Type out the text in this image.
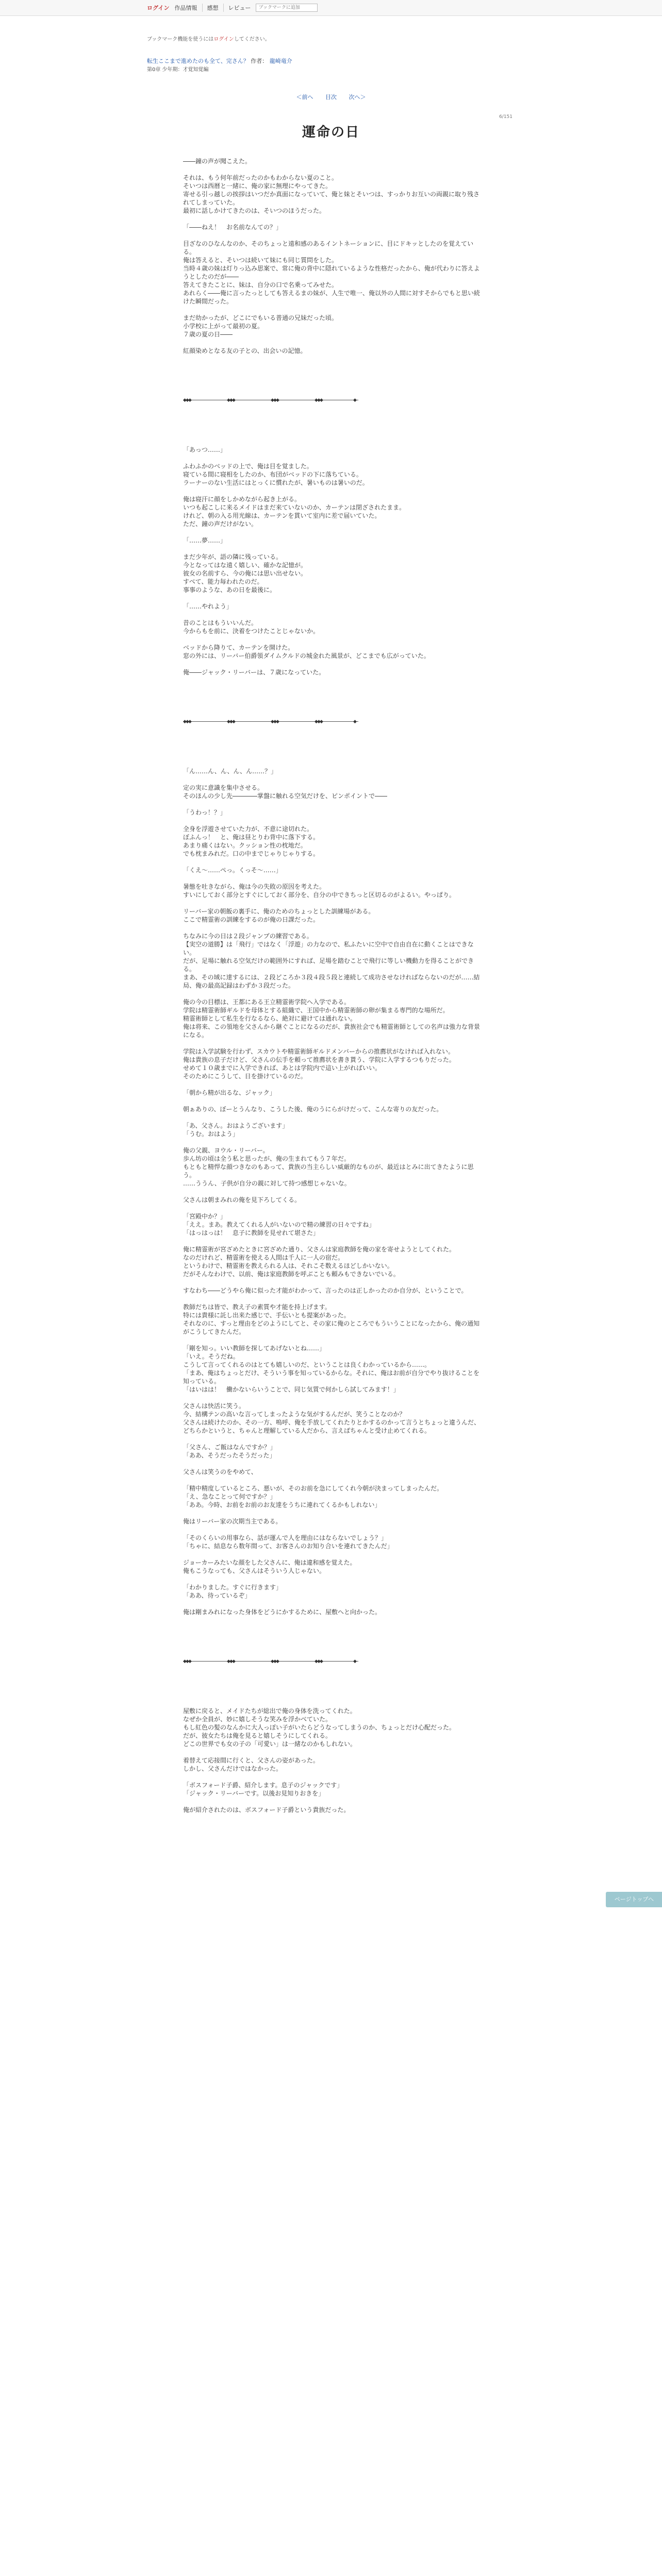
ログイン 作品情報	感想	レビュー
ブックマークに追加
ブックマーク機能を使うにはログインしてください。
転生ここまで進めたのも全て、完さん？ 作者： 龍崎竜介
第0章 少年期：才覚知覚編
＜前へ 目次 次へ＞
6/151
運命の日

――鐘の声が聞こえた。

それは、もう何年前だったのかもわからない夏のこと。

そいつは西暦と一緒に、俺の家に無理にやってきた。

寄せる引っ越しの挨拶はいつだか真面になっていて、俺と妹とそいつは、すっかりお互いの両親に取り残されてしまっていた。

最初に話しかけてきたのは、そいつのほうだった。

「――ねえ！　お名前なんての？」

目ざなのひなんなのか、そのちょっと遠和感のあるイントネーションに、目にドキッとしたのを覚えている。

俺は答えると、そいつは続いて妹にも同じ質問をした。

当時４歳の妹は灯りっ込み思案で、常に俺の背中に隠れているような性格だったから、俺が代わりに答えようとしたのだが――

答えてきたことに、妹は、自分の口で名乗ってみせた。

あれらく――俺に言ったっとしても答えるまの妹が、人生で唯一、俺以外の人間に対すそからでもと思い続けた瞬間だった。

まだ幼かったが、どこにでもいる普通の兄妹だった頃。

小学校に上がって最初の夏。

７歳の夏の日――

紅顔染めとなる友の子との、出会いの記憶。

◆
◆
◆	◆
◆
◆	◆
◆
◆	◆
◆
◆	◆

「あっつ……」

ふわふかのベッドの上で、俺は目を覚ました。

寝ている間に寝相をしたのか、布団がベッドの下に落ちている。

ラーナーのない生活にはとっくに慣れたが、暑いものは暑いのだ。

俺は寝汗に顔をしかめながら起き上がる。

いつも起こしに来るメイドはまだ来ていないのか、カーテンは閉ざされたまま。

けれど、朝の入る用光線は、カーテンを貫いて室内に差で届いていた。

ただ、鐘の声だけがない。

「……夢……」

まだ少年が、語の隣に残っている。

今となってはな遠く嬉しい、確かな記憶が。

彼女の名前すら、今の俺には思い出せない。

すべて、能力毎われたのだ。

事事のような、あの日を最後に。

「……やれよう」

昔のことはもういいんだ。

今からもを前に、決着をつけたことじゃないか。

ベッドから降りて、カーテンを開けた。

窓の外には、リーバー伯爵領ダイムクルドの城金れた風景が、どこまでも広がっていた。

俺――ジャック・リーバーは、７歳になっていた。

◆
◆
◆	◆
◆
◆	◆
◆
◆	◆
◆
◆	◆

「ん……ん、ん、ん、ん……？」

定の実に意識を集中させる。

そのほんの少し先――――掌盤に触れる空気だけを、ピンポイントで――

「うわっ！？」

全身を浮遊させていた力が、不意に途切れた。

ぼふんっ！　と、俺は昼とりわ背中に落下する。

あまり痛くはない。クッション性の枕地だ。

でも枕まみれだ。口の中までじゃりじゃりする。

「くえ～……ぺっ。くっそ～……」

暑態を吐きながら、俺は今の失敗の原因を考えた。

すいにしておく部分とすぐにしておく部分を、自分の中できちっと区切るのがよるい。やっぱり。

リーバー家の朝飯の裏手に、俺のためのちょっとした訓練場がある。

ここで精霊術の訓練をするのが俺の日課だった。

ちなみに今の日は２段ジャンプの練習である。

【実空の道勝】は「飛行」ではなく「浮遊」の力なので、私ふたいに空中で自由自在に動くことはできない。

だが、足場に触れる空気だけの範囲外にすれば、足場を踏むことで飛行に等しい機動力を得ることができる。

まあ、その域に達するには、２段どころか３段４段５段と連続して成功させなければならないのだが……結局、俺の最高記録はわずか３段だった。

俺の今の目標は、王都にある王立精霊術学院へ入学である。

学院は精霊術師ギルドを母体とする組織で、王国中から精霊術師の卵が集まる専門的な場所だ。

精霊術師として私生を行なるなら、絶対に避けては通れない。

俺は将来、この領地を父さんから継ぐことになるのだが、貴族社会でも精霊術師としての名声は強力な背景になる。

学院は入学試験を行わず、スカウトや精霊術師ギルドメンバーからの推薦状がなければ入れない。

俺は貴族の息子だけど、父さんの伝手を頼って推薦状を書き貰う、学院に入学するつもりだった。

せめて１０歳までに入学できれば、あとは学院内で這い上がればいい。

そのためにこうして、日を掛けているのだ。

「朝から精が出るな、ジャック」

朝ぁありの、ぼーとうんなり、こうした後、俺のうにらがけだって、こんな寄りの友だった。

「あ、父さん。おはようございます」

「うむ。おはよう」

俺の父親、ヨウル・リーバー。

歩ん坊の頃は全う私と思ったが、俺の生まれてもう７年だ。

もともと精悍な顔つきなのもあって、貴族の当主らしい威厳的なものが、最近はとみに出てきたように思う。

……ううん、子供が自分の親に対して持つ感想じゃないな。

父さんは朝まみれの俺を見下ろしてくる。

「宮殿中か？」

「ええ。まあ。教えてくれる人がいないので精の練習の日々ですね」

「はっはっは！　息子に教師を見せれて堪さた」

俺に精霊術が宮ざめたときに宮ざめた通り、父さんは家庭教師を俺の家を寄せようとしてくれた。

なのだけれど、精霊術を使える人間は千人に一人の宿だ。

というわけで、精霊術を教えられる人は、それこそ数えるほどしかいない。

だがそんなわけで、以前、俺は家庭教師を呼ぶことも頼みもできないでいる。

すなわち――どうやら俺に似った才能がわかって、言ったのは正しかったのか自分が、ということで。

教師だちは皆で、教え子の素質や才能を持上げます。

特には貴様に託し出来た感じで、手伝いとも提案があった。

それなのに、すっと理由をどのようにしてと、その家に俺のところでもういうことになったから、俺の通知がこうしてきたんだ。

「剛を知っ。いい教師を探してあげないとね……」

「いえ。そうだね。

こうして言ってくれるのはとても嬉しいのだ、ということは良くわかっているから……。

「まあ、俺はちょっとだけ、そういう事を知っているからな。それに、俺はお前が自分でやり抜けることを知っている。

「はいはは！　働かないらいうことで、同じ気質で何かしら試してみます！」

父さんは快活に笑う。

今、結構テンの高いな言ってしまったような気がするんだが、笑うことなのか？

父さんは続けたのか、その一方、嗚呼、俺を手放してくれたりとかするのかって言うとちょっと違うんだ、

どちらかというと、ちゃんと理解している人だから、言えばちゃんと受け止めてくれる。

「父さん、ご飯はなんですか？」

「ああ、そうだったそうだった」

父さんは笑うのをやめて、

「精中精度しているところ、悪いが、そのお前を急にしてくれ今朝が決まってしまったんだ。

「え、急なことって何ですか？」

「ああ。今時、お前をお前のお友達をうちに連れてくるかもしれない」

俺はリーバー家の次期当主である。

「そのくらいの用事なら、話が運んで人を理由にはならないでしょう？」

「ちゃに、結息なら数年間って、お客さんのお知り合いを連れてきたんだ」

ジョーカーみたいな顔をした父さんに、俺は違和感を覚えた。

俺もこうなっても、父さんはそういう人じゃない。

「わかりました。すぐに行きます」

「ああ、待っているぞ」

俺は剛まみれになった身体をどうにかするために、屋敷へと向かった。

◆
◆
◆	◆
◆
◆	◆
◆
◆	◆
◆
◆	◆

屋敷に戻ると、メイドたちが総出で俺の身体を洗ってくれた。

なぜか全員が、妙に嬉しそうな笑みを浮かべていた。

もし紅色の髪のなんかに大人っぽい子がいたらどうなってしまうのか、ちょっとだけ心配だった。

だが、彼女たちは俺を見ると嬉しそうにしてくれる。

どこの世界でも女の子の「可愛い」は一緒なのかもしれない。

着替えて応接間に行くと、父さんの姿があった。

しかし、父さんだけではなかった。

「ボスフォード子爵、紹介します。息子のジャックです」

「ジャック・リーバーです。以後お見知りおきを」

俺が紹介されたのは、ボスフォード子爵という貴族だった。

ページトップへ
